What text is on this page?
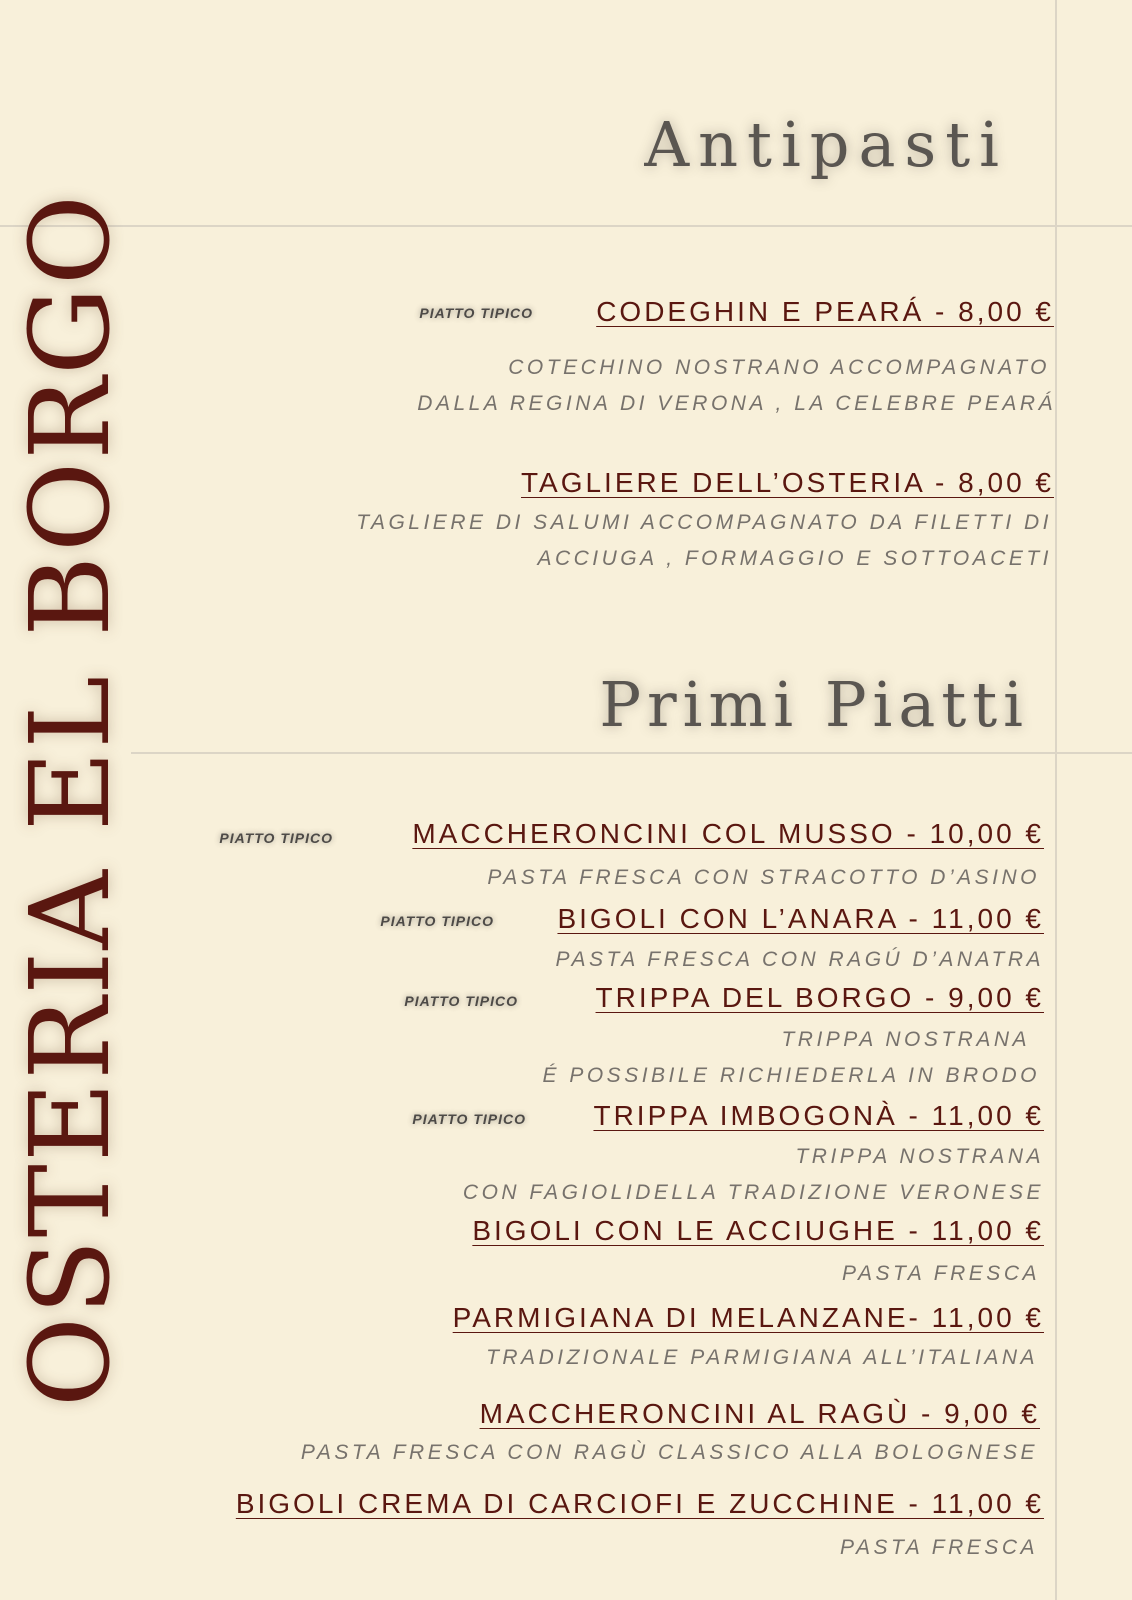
OSTERIA EL BORGO
Antipasti
PIATTO TIPICO CODEGHIN E PEARÁ - 8,00 €
COTECHINO NOSTRANO ACCOMPAGNATO
DALLA REGINA DI VERONA , LA CELEBRE PEARÁ
TAGLIERE DELL’OSTERIA - 8,00 €
TAGLIERE DI SALUMI ACCOMPAGNATO DA FILETTI DI
ACCIUGA , FORMAGGIO E SOTTOACETI
Primi Piatti
PIATTO TIPICO	MACCHERONCINI COL MUSSO - 10,00 €
PASTA FRESCA CON STRACOTTO D’ASINO
PIATTO TIPICO BIGOLI CON L’ANARA - 11,00 €
PASTA FRESCA CON RAGÚ D’ANATRA
PIATTO TIPICO	TRIPPA DEL BORGO - 9,00 €
TRIPPA NOSTRANA
É POSSIBILE RICHIEDERLA IN BRODO
PIATTO TIPICO TRIPPA IMBOGONÀ - 11,00 €
TRIPPA NOSTRANA
CON FAGIOLIDELLA TRADIZIONE VERONESE
BIGOLI CON LE ACCIUGHE - 11,00 €
PASTA FRESCA
PARMIGIANA DI MELANZANE- 11,00 €
TRADIZIONALE PARMIGIANA ALL’ITALIANA
MACCHERONCINI AL RAGÙ - 9,00 €
PASTA FRESCA CON RAGÙ CLASSICO ALLA BOLOGNESE
BIGOLI CREMA DI CARCIOFI E ZUCCHINE - 11,00 €
PASTA FRESCA
